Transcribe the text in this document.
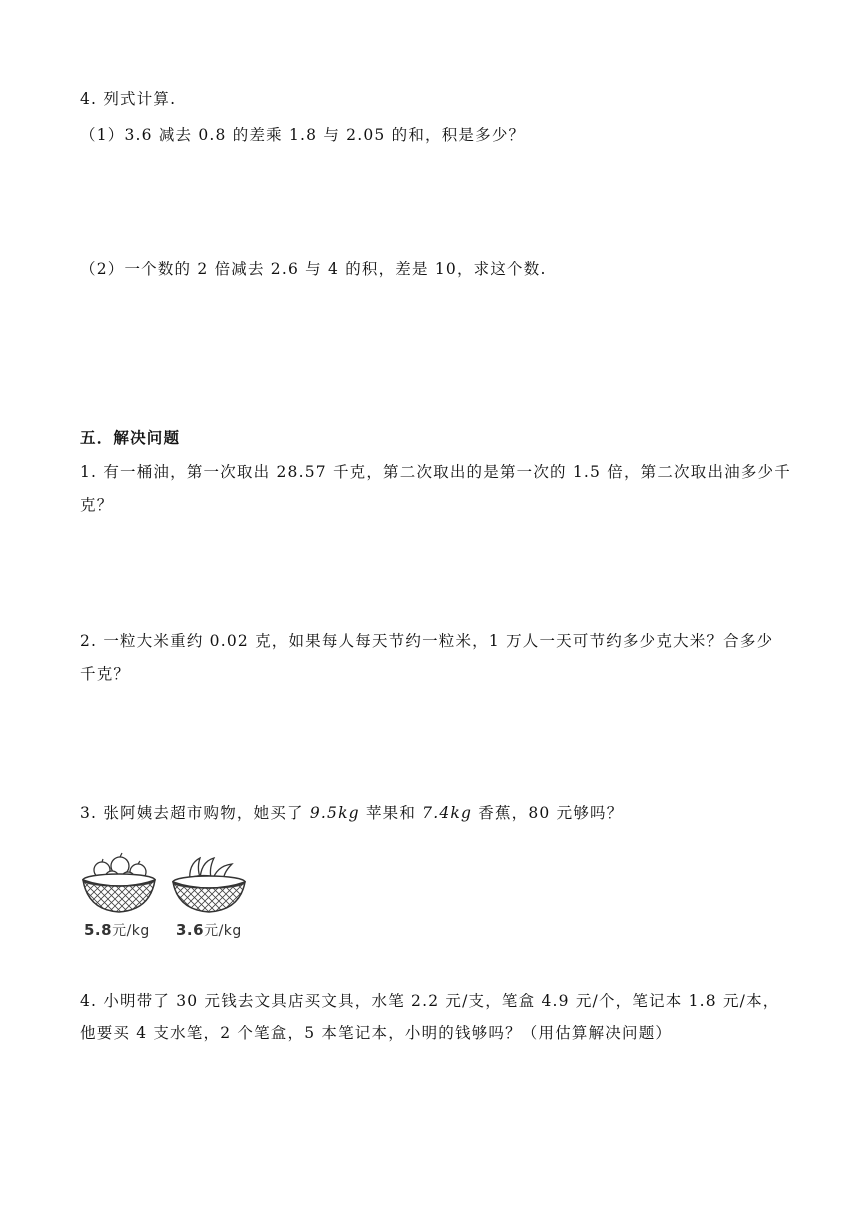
4. 列式计算.
（1）3.6 减去 0.8 的差乘 1.8 与 2.05 的和，积是多少？
（2）一个数的 2 倍减去 2.6 与 4 的积，差是 10，求这个数.
五．解决问题
1. 有一桶油，第一次取出 28.57 千克，第二次取出的是第一次的 1.5 倍，第二次取出油多少千
克？
2. 一粒大米重约 0.02 克，如果每人每天节约一粒米，1 万人一天可节约多少克大米？合多少
千克？
3. 张阿姨去超市购物，她买了 9.5kg 苹果和 7.4kg 香蕉，80 元够吗？
5.8元/kg 3.6元/kg
4. 小明带了 30 元钱去文具店买文具，水笔 2.2 元/支，笔盒 4.9 元/个，笔记本 1.8 元/本，
他要买 4 支水笔，2 个笔盒，5 本笔记本，小明的钱够吗？（用估算解决问题）
